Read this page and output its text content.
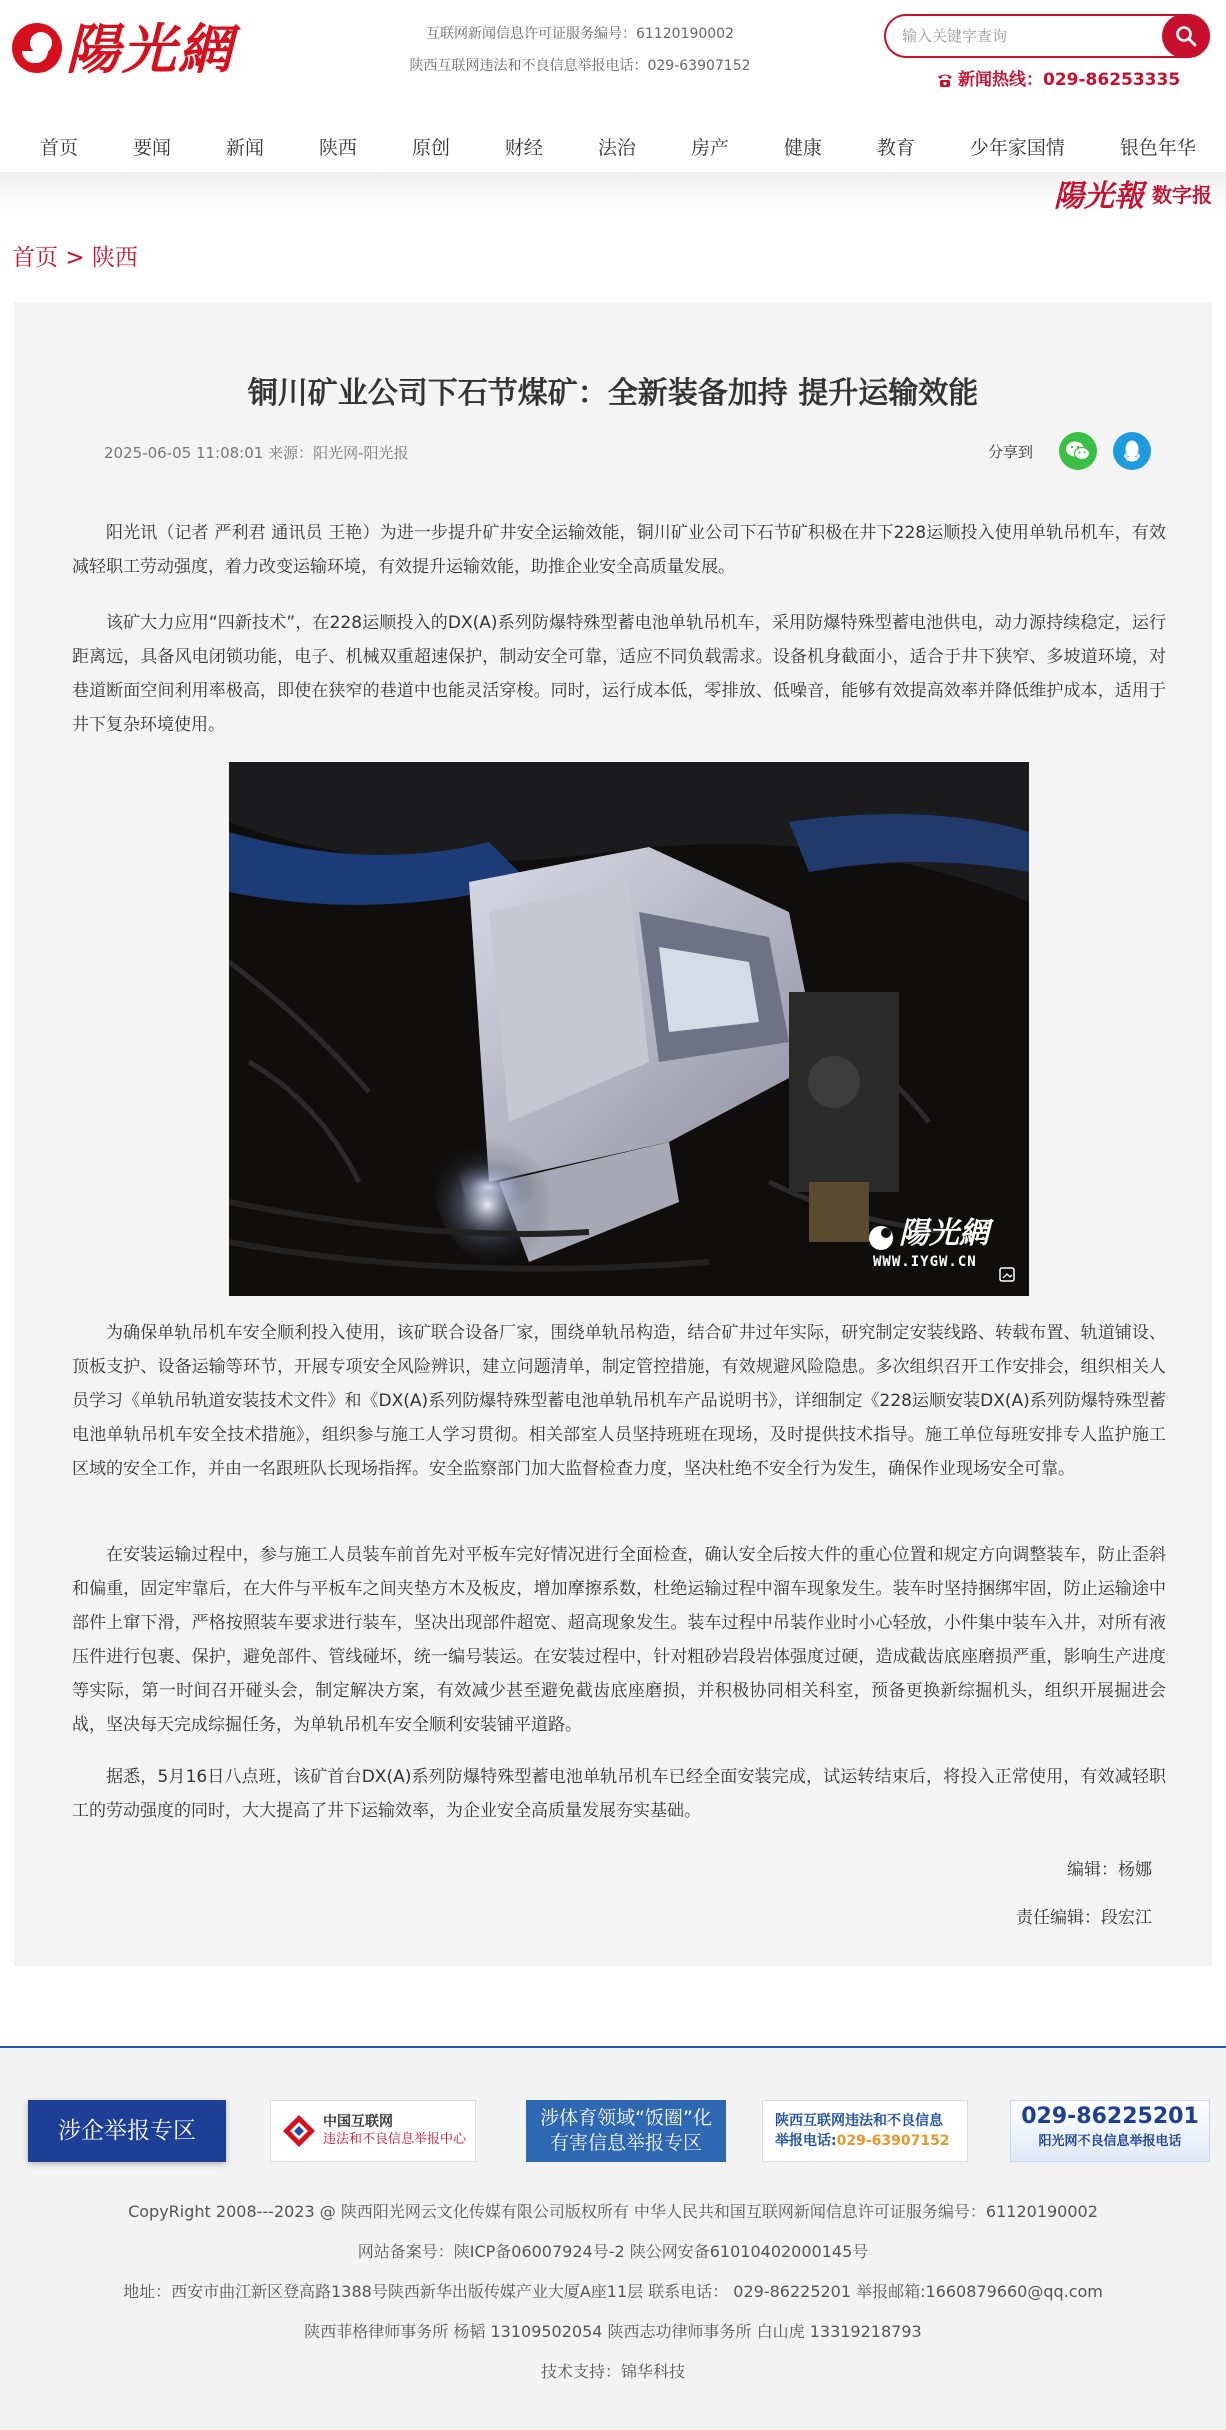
陽光網	互联网新闻信息许可证服务编号：61120190002
陕西互联网违法和不良信息举报电话：029-63907152
输入关键字查询
新闻热线：029-86253335
首页	要闻	新闻	陕西	原创	财经	法治	房产	健康	教育	少年家国情	银色年华
陽光報 数字报
首页 > 陕西
铜川矿业公司下石节煤矿：全新装备加持 提升运输效能
2025-06-05 11:08:01 来源：阳光网-阳光报	分享到

阳光讯（记者 严利君 通讯员 王艳）为进一步提升矿井安全运输效能，铜川矿业公司下石节矿积极在井下228运顺投入使用单轨吊机车，有效减轻职工劳动强度，着力改变运输环境，有效提升运输效能，助推企业安全高质量发展。

该矿大力应用“四新技术”，在228运顺投入的DX(A)系列防爆特殊型蓄电池单轨吊机车，采用防爆特殊型蓄电池供电，动力源持续稳定，运行距离远，具备风电闭锁功能，电子、机械双重超速保护，制动安全可靠，适应不同负载需求。设备机身截面小，适合于井下狭窄、多坡道环境，对巷道断面空间利用率极高，即使在狭窄的巷道中也能灵活穿梭。同时，运行成本低，零排放、低噪音，能够有效提高效率并降低维护成本，适用于井下复杂环境使用。

陽光網
WWW.IYGW.CN

为确保单轨吊机车安全顺利投入使用，该矿联合设备厂家，围绕单轨吊构造，结合矿井过年实际，研究制定安装线路、转载布置、轨道铺设、顶板支护、设备运输等环节，开展专项安全风险辨识，建立问题清单，制定管控措施，有效规避风险隐患。多次组织召开工作安排会，组织相关人员学习《单轨吊轨道安装技术文件》和《DX(A)系列防爆特殊型蓄电池单轨吊机车产品说明书》，详细制定《228运顺安装DX(A)系列防爆特殊型蓄电池单轨吊机车安全技术措施》，组织参与施工人学习贯彻。相关部室人员坚持班班在现场，及时提供技术指导。施工单位每班安排专人监护施工区域的安全工作，并由一名跟班队长现场指挥。安全监察部门加大监督检查力度，坚决杜绝不安全行为发生，确保作业现场安全可靠。

在安装运输过程中，参与施工人员装车前首先对平板车完好情况进行全面检查，确认安全后按大件的重心位置和规定方向调整装车，防止歪斜和偏重，固定牢靠后，在大件与平板车之间夹垫方木及板皮，增加摩擦系数，杜绝运输过程中溜车现象发生。装车时坚持捆绑牢固，防止运输途中部件上窜下滑，严格按照装车要求进行装车，坚决出现部件超宽、超高现象发生。装车过程中吊装作业时小心轻放，小件集中装车入井，对所有液压件进行包裹、保护，避免部件、管线碰坏，统一编号装运。在安装过程中，针对粗砂岩段岩体强度过硬，造成截齿底座磨损严重，影响生产进度等实际，第一时间召开碰头会，制定解决方案，有效减少甚至避免截齿底座磨损，并积极协同相关科室，预备更换新综掘机头，组织开展掘进会战，坚决每天完成综掘任务，为单轨吊机车安全顺利安装铺平道路。

据悉，5月16日八点班，该矿首台DX(A)系列防爆特殊型蓄电池单轨吊机车已经全面安装完成，试运转结束后，将投入正常使用，有效减轻职工的劳动强度的同时，大大提高了井下运输效率，为企业安全高质量发展夯实基础。

编辑：杨娜
责任编辑：段宏江
涉企举报专区	中国互联网
违法和不良信息举报中心
涉体育领域“饭圈”化
有害信息举报专区
陕西互联网违法和不良信息
举报电话:029-63907152
029-86225201
阳光网不良信息举报电话
CopyRight 2008---2023 @ 陕西阳光网云文化传媒有限公司版权所有 中华人民共和国互联网新闻信息许可证服务编号：61120190002
网站备案号：陕ICP备06007924号-2 陕公网安备61010402000145号
地址：西安市曲江新区登高路1388号陕西新华出版传媒产业大厦A座11层 联系电话： 029-86225201 举报邮箱:1660879660@qq.com
陕西菲格律师事务所 杨韬 13109502054 陕西志功律师事务所 白山虎 13319218793
技术支持：锦华科技
